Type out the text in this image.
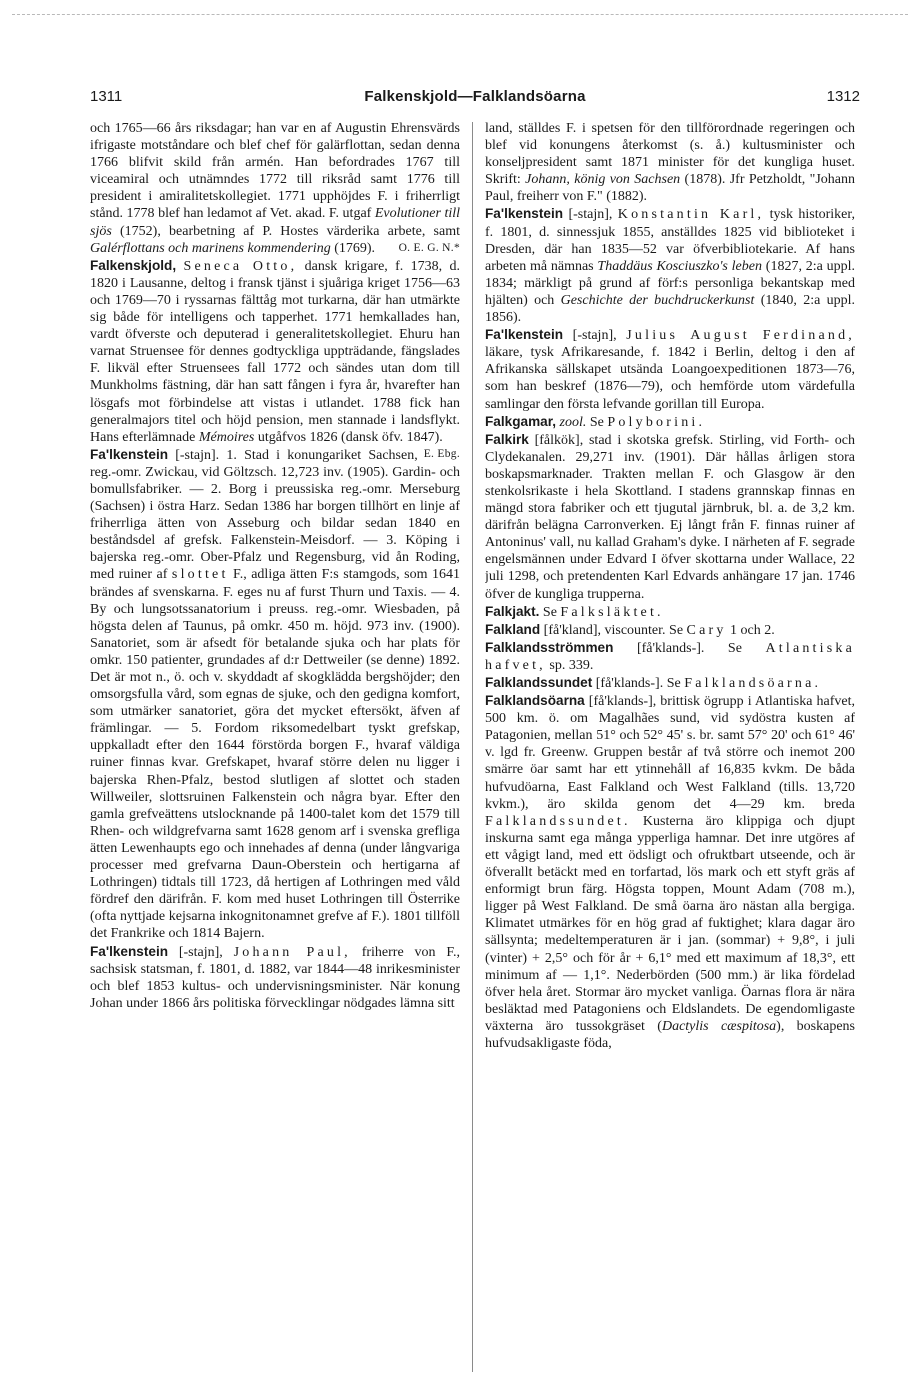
1311	Falkenskjold—Falklandsöarna	1312

och 1765—66 års riksdagar; han var en af Augustin Ehrensvärds ifrigaste motståndare och blef chef för galärflottan, sedan denna 1766 blifvit skild från armén. Han befordrades 1767 till viceamiral och utnämndes 1772 till riksråd samt 1776 till president i amiralitetskollegiet. 1771 upphöjdes F. i friherrligt stånd. 1778 blef han ledamot af Vet. akad. F. utgaf Evolutioner till sjös (1752), bearbetning af P. Hostes värderika arbete, samt Galérflottans och marinens kommendering (1769). O. E. G. N.*

Falkenskjold, Seneca Otto, dansk krigare, f. 1738, d. 1820 i Lausanne, deltog i fransk tjänst i sjuåriga kriget 1756—63 och 1769—70 i ryssarnas fälttåg mot turkarna, där han utmärkte sig både för intelligens och tapperhet. 1771 hemkallades han, vardt öfverste och deputerad i generalitetskollegiet. Ehuru han varnat Struensee för dennes godtyckliga uppträdande, fängslades F. likväl efter Struensees fall 1772 och sändes utan dom till Munkholms fästning, där han satt fången i fyra år, hvarefter han lösgafs mot förbindelse att vistas i utlandet. 1788 fick han generalmajors titel och höjd pension, men stannade i landsflykt. Hans efterlämnade Mémoires utgåfvos 1826 (dansk öfv. 1847).
E. Ebg.

Fa'lkenstein [-stajn]. 1. Stad i konungariket Sachsen, reg.-omr. Zwickau, vid Göltzsch. 12,723 inv. (1905). Gardin- och bomullsfabriker. — 2. Borg i preussiska reg.-omr. Merseburg (Sachsen) i östra Harz. Sedan 1386 har borgen tillhört en linje af friherrliga ätten von Asseburg och bildar sedan 1840 en beståndsdel af grefsk. Falkenstein-Meisdorf. — 3. Köping i bajerska reg.-omr. Ober-Pfalz und Regensburg, vid ån Roding, med ruiner af slottet F., adliga ätten F:s stamgods, som 1641 brändes af svenskarna. F. eges nu af furst Thurn und Taxis. — 4. By och lungsotssanatorium i preuss. reg.-omr. Wiesbaden, på högsta delen af Taunus, på omkr. 450 m. höjd. 973 inv. (1900). Sanatoriet, som är afsedt för betalande sjuka och har plats för omkr. 150 patienter, grundades af d:r Dettweiler (se denne) 1892. Det är mot n., ö. och v. skyddadt af skogklädda bergshöjder; den omsorgsfulla vård, som egnas de sjuke, och den gedigna komfort, som utmärker sanatoriet, göra det mycket eftersökt, äfven af främlingar. — 5. Fordom riksomedelbart tyskt grefskap, uppkalladt efter den 1644 förstörda borgen F., hvaraf väldiga ruiner finnas kvar. Grefskapet, hvaraf större delen nu ligger i bajerska Rhen-Pfalz, bestod slutligen af slottet och staden Willweiler, slottsruinen Falkenstein och några byar. Efter den gamla grefveättens utslocknande på 1400-talet kom det 1579 till Rhen- och wildgrefvarna samt 1628 genom arf i svenska grefliga ätten Lewenhaupts ego och innehades af denna (under långvariga processer med grefvarna Daun-Oberstein och hertigarna af Lothringen) tidtals till 1723, då hertigen af Lothringen med våld fördref den därifrån. F. kom med huset Lothringen till Österrike (ofta nyttjade kejsarna inkognitonamnet grefve af F.). 1801 tillföll det Frankrike och 1814 Bajern.

Fa'lkenstein [-stajn], Johann Paul, friherre von F., sachsisk statsman, f. 1801, d. 1882, var 1844—48 inrikesminister och blef 1853 kultus- och undervisningsminister. När konung Johan under 1866 års politiska förvecklingar nödgades lämna sitt

land, ställdes F. i spetsen för den tillförordnade regeringen och blef vid konungens återkomst (s. å.) kultusminister och konseljpresident samt 1871 minister för det kungliga huset. Skrift: Johann, könig von Sachsen (1878). Jfr Petzholdt, "Johann Paul, freiherr von F." (1882).

Fa'lkenstein [-stajn], Konstantin Karl, tysk historiker, f. 1801, d. sinnessjuk 1855, anställdes 1825 vid biblioteket i Dresden, där han 1835—52 var öfverbibliotekarie. Af hans arbeten må nämnas Thaddäus Kosciuszko's leben (1827, 2:a uppl. 1834; märkligt på grund af förf:s personliga bekantskap med hjälten) och Geschichte der buchdruckerkunst (1840, 2:a uppl. 1856).

Fa'lkenstein [-stajn], Julius August Ferdinand, läkare, tysk Afrikaresande, f. 1842 i Berlin, deltog i den af Afrikanska sällskapet utsända Loangoexpeditionen 1873—76, som han beskref (1876—79), och hemförde utom värdefulla samlingar den första lefvande gorillan till Europa.

Falkgamar, zool. Se Polyborini.

Falkirk [fålkök], stad i skotska grefsk. Stirling, vid Forth- och Clydekanalen. 29,271 inv. (1901). Där hållas årligen stora boskapsmarknader. Trakten mellan F. och Glasgow är den stenkolsrikaste i hela Skottland. I stadens grannskap finnas en mängd stora fabriker och ett tjugutal järnbruk, bl. a. de 3,2 km. därifrån belägna Carronverken. Ej långt från F. finnas ruiner af Antoninus' vall, nu kallad Graham's dyke. I närheten af F. segrade engelsmännen under Edvard I öfver skottarna under Wallace, 22 juli 1298, och pretendenten Karl Edvards anhängare 17 jan. 1746 öfver de kungliga trupperna.

Falkjakt. Se Falksläktet.

Falkland [få'kland], viscounter. Se Cary 1 och 2.

Falklandsströmmen [få'klands-]. Se Atlantiska hafvet, sp. 339.

Falklandssundet [få'klands-]. Se Falklandsöarna.

Falklandsöarna [få'klands-], brittisk ögrupp i Atlantiska hafvet, 500 km. ö. om Magalhães sund, vid sydöstra kusten af Patagonien, mellan 51° och 52° 45' s. br. samt 57° 20' och 61° 46' v. lgd fr. Greenw. Gruppen består af två större och inemot 200 smärre öar samt har ett ytinnehåll af 16,835 kvkm. De båda hufvudöarna, East Falkland och West Falkland (tills. 13,720 kvkm.), äro skilda genom det 4—29 km. breda Falklandssundet. Kusterna äro klippiga och djupt inskurna samt ega många ypperliga hamnar. Det inre utgöres af ett vågigt land, med ett ödsligt och ofruktbart utseende, och är öfverallt betäckt med en torfartad, lös mark och ett styft gräs af enformigt brun färg. Högsta toppen, Mount Adam (708 m.), ligger på West Falkland. De små öarna äro nästan alla bergiga. Klimatet utmärkes för en hög grad af fuktighet; klara dagar äro sällsynta; medeltemperaturen är i jan. (sommar) + 9,8°, i juli (vinter) + 2,5° och för år + 6,1° med ett maximum af 18,3°, ett minimum af — 1,1°. Nederbörden (500 mm.) är lika fördelad öfver hela året. Stormar äro mycket vanliga. Öarnas flora är nära besläktad med Patagoniens och Eldslandets. De egendomligaste växterna äro tussokgräset (Dactylis cæspitosa), boskapens hufvudsakligaste föda,
